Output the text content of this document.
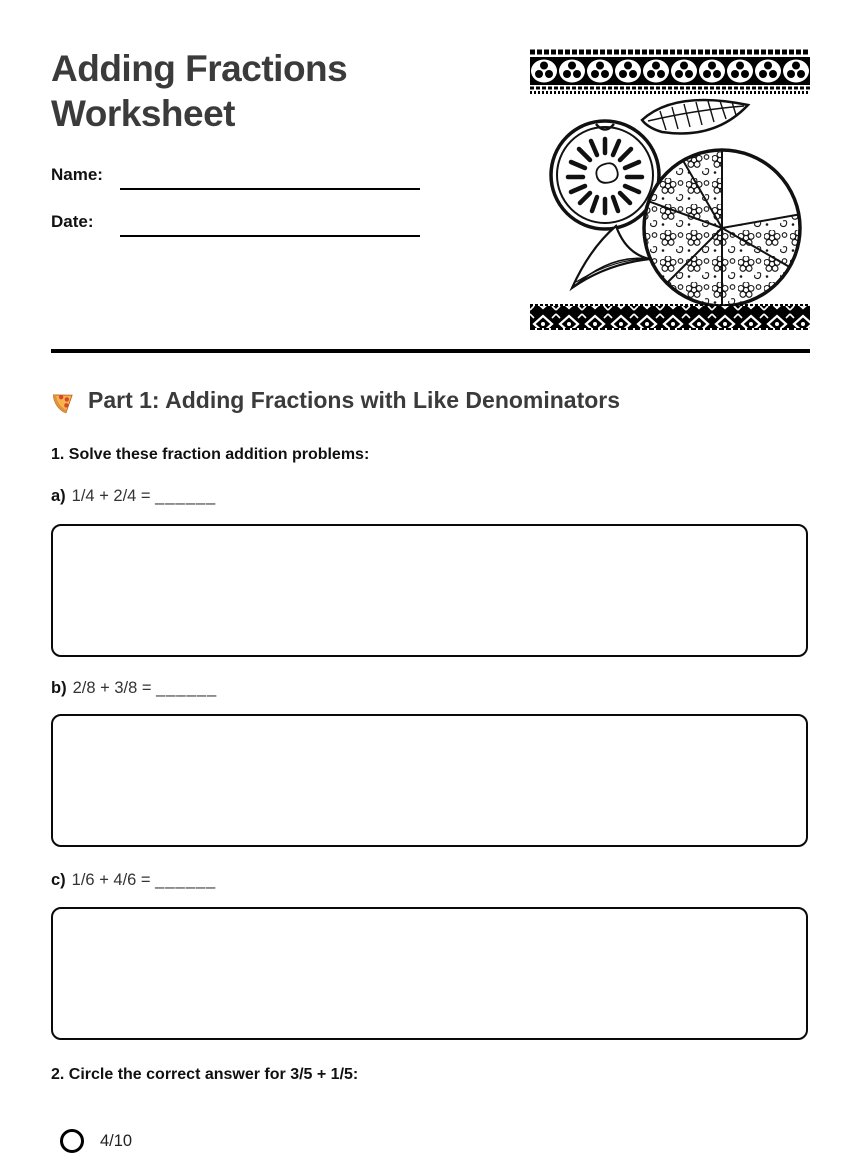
Adding Fractions Worksheet
Name:
Date:
Part 1: Adding Fractions with Like Denominators
1. Solve these fraction addition problems:
a) 1/4 + 2/4 = ______
b) 2/8 + 3/8 = ______
c) 1/6 + 4/6 = ______
2. Circle the correct answer for 3/5 + 1/5:
4/10
